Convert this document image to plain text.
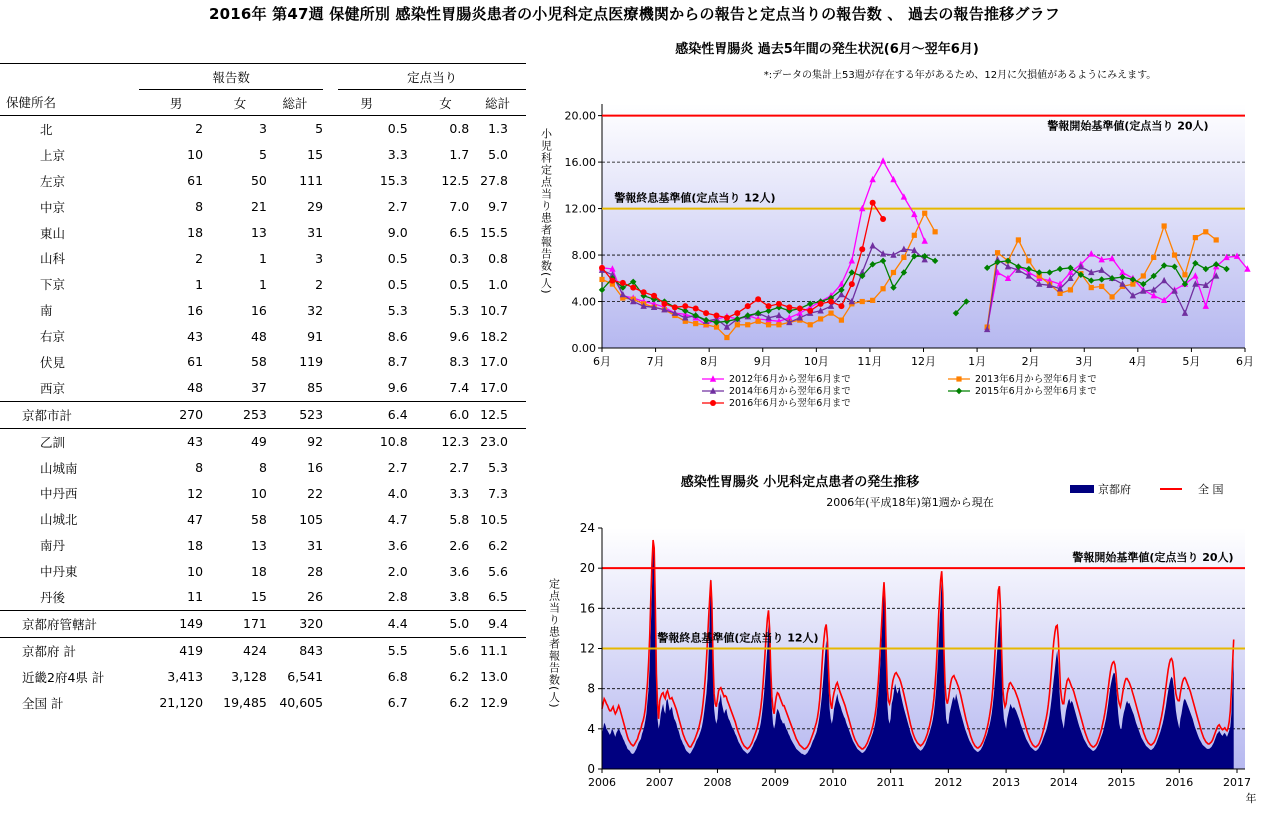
2016年 第47週 保健所別 感染性胃腸炎患者の小児科定点医療機関からの報告と定点当りの報告数 、 過去の報告推移グラフ
	報告数				定点当り		
保健所名	男	女	総計		男	女	総計
北	2	3	5		0.5	0.8	1.3
上京	10	5	15		3.3	1.7	5.0
左京	61	50	111		15.3	12.5	27.8
中京	8	21	29		2.7	7.0	9.7
東山	18	13	31		9.0	6.5	15.5
山科	2	1	3		0.5	0.3	0.8
下京	1	1	2		0.5	0.5	1.0
南	16	16	32		5.3	5.3	10.7
右京	43	48	91		8.6	9.6	18.2
伏見	61	58	119		8.7	8.3	17.0
西京	48	37	85		9.6	7.4	17.0
京都市計	270	253	523		6.4	6.0	12.5
乙訓	43	49	92		10.8	12.3	23.0
山城南	8	8	16		2.7	2.7	5.3
中丹西	12	10	22		4.0	3.3	7.3
山城北	47	58	105		4.7	5.8	10.5
南丹	18	13	31		3.6	2.6	6.2
中丹東	10	18	28		2.0	3.6	5.6
丹後	11	15	26		2.8	3.8	6.5
京都府管轄計	149	171	320		4.4	5.0	9.4
京都府 計	419	424	843		5.5	5.6	11.1
近畿2府4県 計	3,413	3,128	6,541		6.8	6.2	13.0
全国 計	21,120	19,485	40,605		6.7	6.2	12.9
感染性胃腸炎 過去5年間の発生状況(6月～翌年6月)
*:データの集計上53週が存在する年があるため、12月に欠損値があるようにみえます。
0.00
4.00
8.00
12.00
16.00
20.00
警報開始基準値(定点当り 20人)
警報終息基準値(定点当り 12人)
6月	7月	8月	9月	10月	11月	12月	1月	2月	3月	4月	5月	6月
小児科定点当り患者報告数(人)
2012年6月から翌年6月まで	2013年6月から翌年6月まで
2014年6月から翌年6月まで	2015年6月から翌年6月まで
2016年6月から翌年6月まで
感染性胃腸炎 小児科定点患者の発生推移
2006年(平成18年)第1週から現在
京都府	全 国
0
4
8
12
16
20
24
定点当り患者報告数(人)
警報開始基準値(定点当り 20人)
警報終息基準値(定点当り 12人)
2006	2007	2008	2009	2010	2011	2012	2013	2014	2015	2016	2017
年
